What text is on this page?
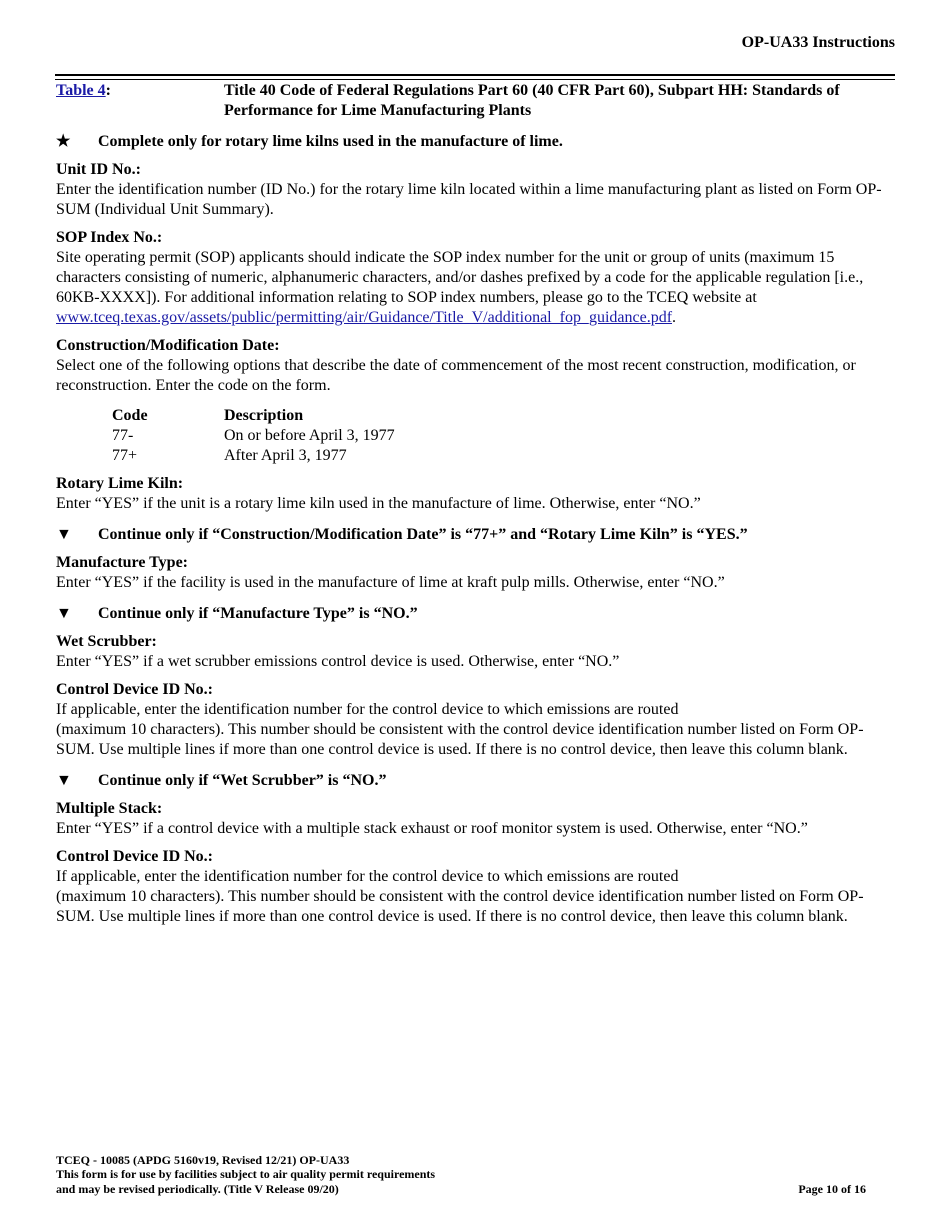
OP-UA33 Instructions
Table 4:	Title 40 Code of Federal Regulations Part 60 (40 CFR Part 60), Subpart HH: Standards of Performance for Lime Manufacturing Plants
★	Complete only for rotary lime kilns used in the manufacture of lime.
Unit ID No.:
Enter the identification number (ID No.) for the rotary lime kiln located within a lime manufacturing plant as listed on Form OP-SUM (Individual Unit Summary).
SOP Index No.:
Site operating permit (SOP) applicants should indicate the SOP index number for the unit or group of units (maximum 15 characters consisting of numeric, alphanumeric characters, and/or dashes prefixed by a code for the applicable regulation [i.e., 60KB-XXXX]). For additional information relating to SOP index numbers, please go to the TCEQ website at www.tceq.texas.gov/assets/public/permitting/air/Guidance/Title_V/additional_fop_guidance.pdf.
Construction/Modification Date:
Select one of the following options that describe the date of commencement of the most recent construction, modification, or reconstruction. Enter the code on the form.
Code	Description
77-	On or before April 3, 1977
77+	After April 3, 1977
Rotary Lime Kiln:
Enter “YES” if the unit is a rotary lime kiln used in the manufacture of lime. Otherwise, enter “NO.”
▼	Continue only if “Construction/Modification Date” is “77+” and “Rotary Lime Kiln” is “YES.”
Manufacture Type:
Enter “YES” if the facility is used in the manufacture of lime at kraft pulp mills. Otherwise, enter “NO.”
▼	Continue only if “Manufacture Type” is “NO.”
Wet Scrubber:
Enter “YES” if a wet scrubber emissions control device is used. Otherwise, enter “NO.”
Control Device ID No.:
If applicable, enter the identification number for the control device to which emissions are routed
(maximum 10 characters). This number should be consistent with the control device identification number listed on Form OP-SUM. Use multiple lines if more than one control device is used. If there is no control device, then leave this column blank.
▼	Continue only if “Wet Scrubber” is “NO.”
Multiple Stack:
Enter “YES” if a control device with a multiple stack exhaust or roof monitor system is used. Otherwise, enter “NO.”
Control Device ID No.:
If applicable, enter the identification number for the control device to which emissions are routed
(maximum 10 characters). This number should be consistent with the control device identification number listed on Form OP-SUM. Use multiple lines if more than one control device is used. If there is no control device, then leave this column blank.
TCEQ - 10085 (APDG 5160v19, Revised 12/21) OP-UA33
This form is for use by facilities subject to air quality permit requirements
and may be revised periodically. (Title V Release 09/20)	Page 10 of 16
